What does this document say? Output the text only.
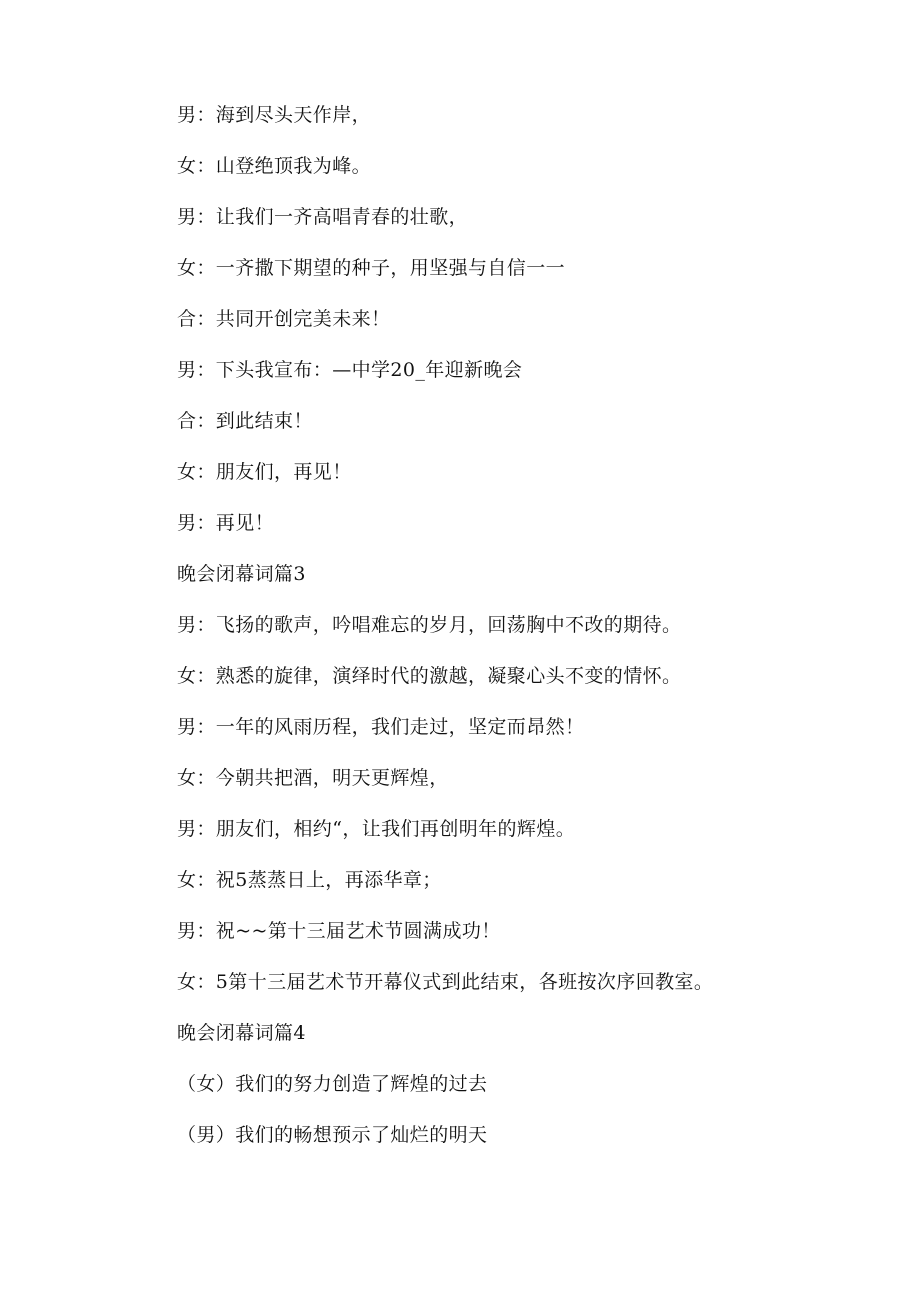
男：海到尽头天作岸，

女：山登绝顶我为峰。

男：让我们一齐高唱青春的壮歌，

女：一齐撒下期望的种子，用坚强与自信一一

合：共同开创完美未来！

男：下头我宣布：—中学20_年迎新晚会

合：到此结束！

女：朋友们，再见！

男：再见！

晚会闭幕词篇3

男：飞扬的歌声，吟唱难忘的岁月，回荡胸中不改的期待。

女：熟悉的旋律，演绎时代的激越，凝聚心头不变的情怀。

男：一年的风雨历程，我们走过，坚定而昂然！

女：今朝共把酒，明天更辉煌，

男：朋友们，相约“，让我们再创明年的辉煌。

女：祝5蒸蒸日上，再添华章；

男：祝~~第十三届艺术节圆满成功！

女：5第十三届艺术节开幕仪式到此结束，各班按次序回教室。

晚会闭幕词篇4

（女）我们的努力创造了辉煌的过去

（男）我们的畅想预示了灿烂的明天
